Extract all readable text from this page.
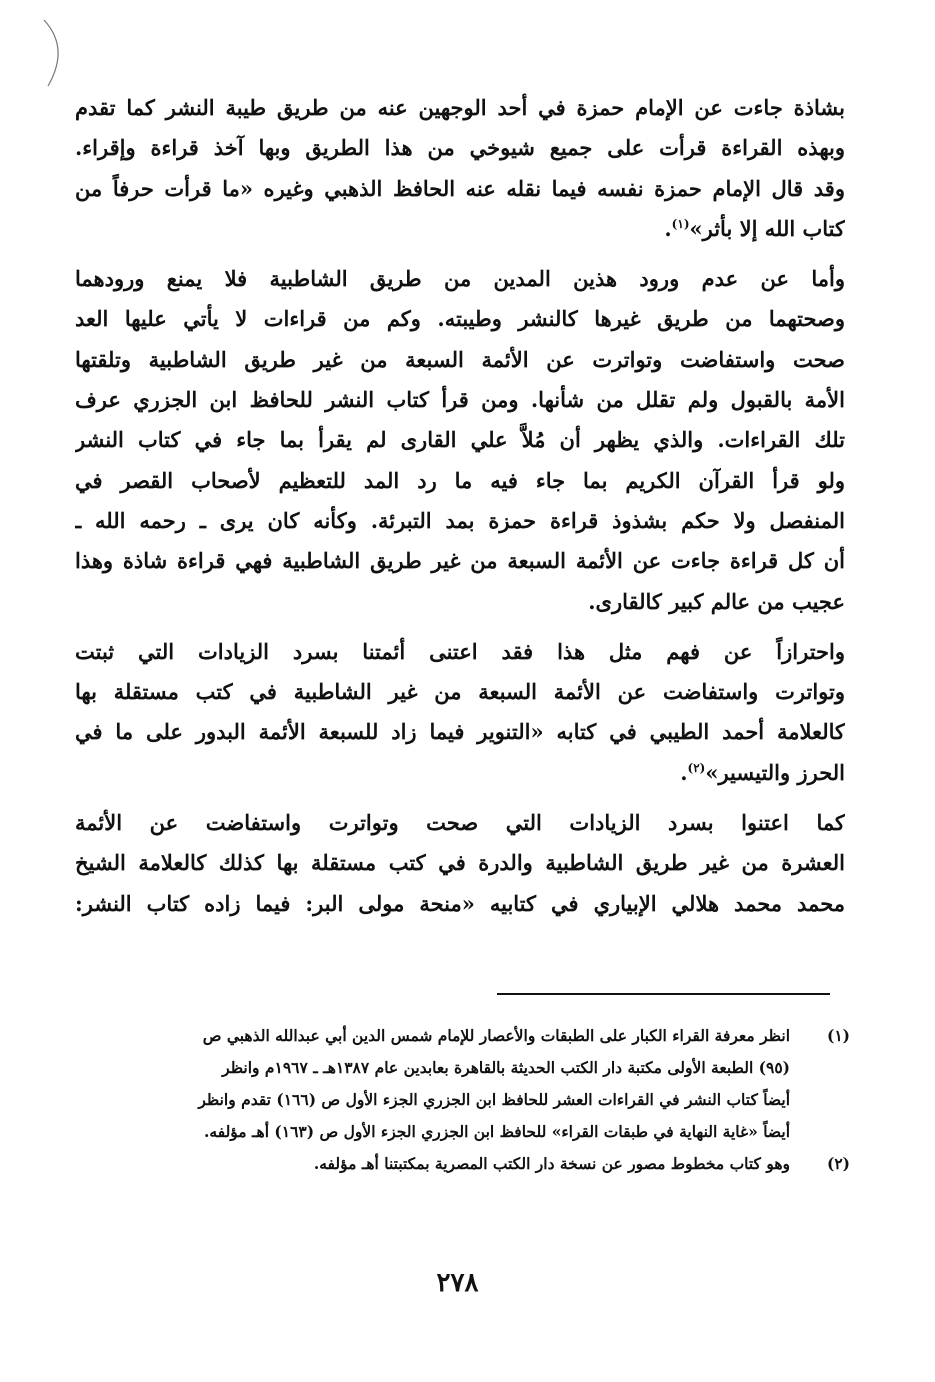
بشاذة جاءت عن الإمام حمزة في أحد الوجهين عنه من طريق طيبة النشر كما تقدم
وبهذه القراءة قرأت على جميع شيوخي من هذا الطريق وبها آخذ قراءة وإقراء.
وقد قال الإمام حمزة نفسه فيما نقله عنه الحافظ الذهبي وغيره «ما قرأت حرفاً من
كتاب الله إلا بأثر»$^{(١)}$.

وأما عن عدم ورود هذين المدين من طريق الشاطبية فلا يمنع ورودهما
وصحتهما من طريق غيرها كالنشر وطيبته. وكم من قراءات لا يأتي عليها العد
صحت واستفاضت وتواترت عن الأئمة السبعة من غير طريق الشاطبية وتلقتها
الأمة بالقبول ولم تقلل من شأنها. ومن قرأ كتاب النشر للحافظ ابن الجزري عرف
تلك القراءات. والذي يظهر أن مُلاَّ علي القارى لم يقرأ بما جاء في كتاب النشر
ولو قرأ القرآن الكريم بما جاء فيه ما رد المد للتعظيم لأصحاب القصر في
المنفصل ولا حكم بشذوذ قراءة حمزة بمد التبرئة. وكأنه كان يرى ـ رحمه الله ـ
أن كل قراءة جاءت عن الأئمة السبعة من غير طريق الشاطبية فهي قراءة شاذة وهذا
عجيب من عالم كبير كالقارى.

واحترازاً عن فهم مثل هذا فقد اعتنى أئمتنا بسرد الزيادات التي ثبتت
وتواترت واستفاضت عن الأئمة السبعة من غير الشاطبية في كتب مستقلة بها
كالعلامة أحمد الطيبي في كتابه «التنوير فيما زاد للسبعة الأئمة البدور على ما في
الحرز والتيسير»$^{(٢)}$.

كما اعتنوا بسرد الزيادات التي صحت وتواترت واستفاضت عن الأئمة
العشرة من غير طريق الشاطبية والدرة في كتب مستقلة بها كذلك كالعلامة الشيخ
محمد محمد هلالي الإبياري في كتابيه «منحة مولى البر: فيما زاده كتاب النشر:

(١)
انظر معرفة القراء الكبار على الطبقات والأعصار للإمام شمس الدين أبي عبدالله الذهبي ص
(٩٥) الطبعة الأولى مكتبة دار الكتب الحديثة بالقاهرة بعابدين عام ١٣٨٧هـ ـ ١٩٦٧م وانظر
أيضاً كتاب النشر في القراءات العشر للحافظ ابن الجزري الجزء الأول ص (١٦٦) تقدم وانظر
أيضاً «غاية النهاية في طبقات القراء» للحافظ ابن الجزري الجزء الأول ص (١٦٣) أهـ مؤلفه.
(٢)
وهو كتاب مخطوط مصور عن نسخة دار الكتب المصرية بمكتبتنا أهـ مؤلفه.
٢٧٨
